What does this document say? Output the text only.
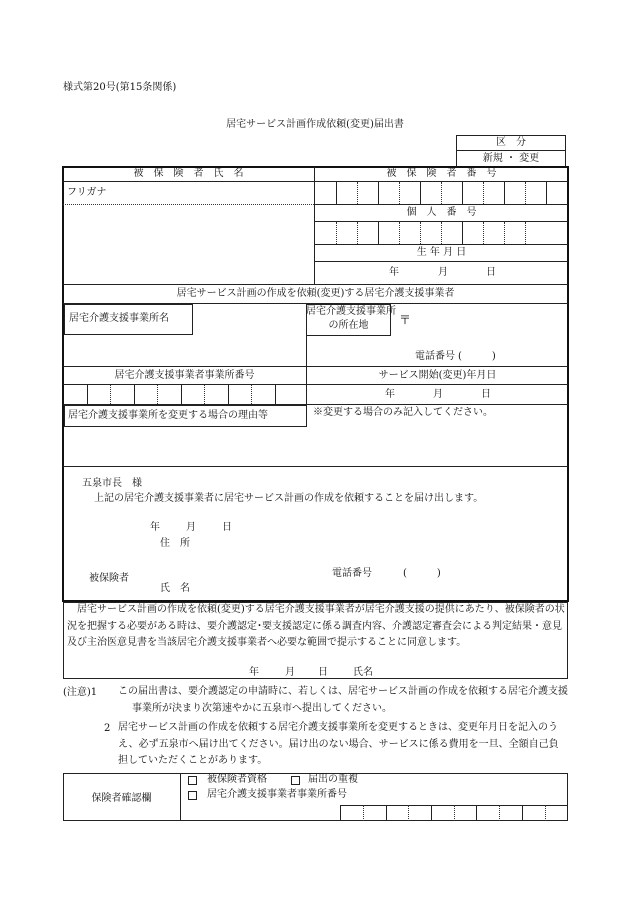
様式第20号(第15条関係)
居宅サービス計画作成依頼(変更)届出書
区　分
新規 ・ 変更
被　保　険　者　氏　名	被　保　険　者　番　号
フリガナ
個　人　番　号
生 年 月 日
年	月	日
居宅サービス計画の作成を依頼(変更)する居宅介護支援事業者
居宅介護支援事業所名
居宅介護支援事業所
の所在地	〒
電話番号 (　　　)
居宅介護支援事業者事業所番号	サービス開始(変更)年月日
年	月	日
居宅介護支援事業所を変更する場合の理由等	※変更する場合のみ記入してください。
五泉市長　様
上記の居宅介護支援事業者に居宅サービス計画の作成を依頼することを届け出します。
年	月	日
住　所
電話番号	(　　　)
被保険者
氏　名
居宅サービス計画の作成を依頼(変更)する居宅介護支援事業者が居宅介護支援の提供にあたり、被保険者の状況を把握する必要がある時は、要介護認定･要支援認定に係る調査内容、介護認定審査会による判定結果・意見及び主治医意見書を当該居宅介護支援事業者へ必要な範囲で提示することに同意します。
年	月 日	氏名
(注意)1 この届出書は、要介護認定の申請時に、若しくは、居宅サービス計画の作成を依頼する居宅介護支援事業所が決まり次第速やかに五泉市へ提出してください。
2 居宅サービス計画の作成を依頼する居宅介護支援事業所を変更するときは、変更年月日を記入のうえ、必ず五泉市へ届け出てください。届け出のない場合、サービスに係る費用を一旦、全額自己負担していただくことがあります。
保険者確認欄
被保険者資格	届出の重複
居宅介護支援事業者事業所番号
